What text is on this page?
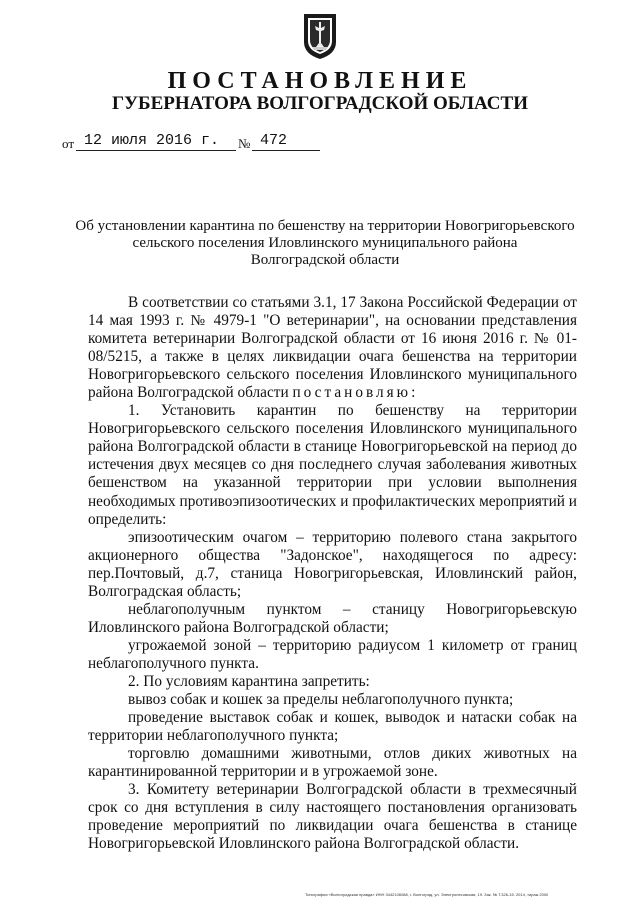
ПОСТАНОВЛЕНИЕ
ГУБЕРНАТОРА ВОЛГОГРАДСКОЙ ОБЛАСТИ
от 12 июля 2016 г.	№ 472
Об установлении карантина по бешенству на территории Новогригорьевского
сельского поселения Иловлинского муниципального района
Волгоградской области

В соответствии со статьями 3.1, 17 Закона Российской Федерации от 14 мая 1993 г. № 4979-1 "О ветеринарии", на основании представления комитета ветеринарии Волгоградской области от 16 июня 2016 г. № 01-08/5215, а также в целях ликвидации очага бешенства на территории Новогригорьевского сельского поселения Иловлинского муниципального района Волгоградской области постановляю:

1. Установить карантин по бешенству на территории Новогригорьевского сельского поселения Иловлинского муниципального района Волгоградской области в станице Новогригорьевской на период до истечения двух месяцев со дня последнего случая заболевания животных бешенством на указанной территории при условии выполнения необходимых противоэпизоотических и профилактических мероприятий и определить:

эпизоотическим очагом – территорию полевого стана закрытого акционерного общества "Задонское", находящегося по адресу: пер.Почтовый, д.7, станица Новогригорьевская, Иловлинский район, Волгоградская область;

неблагополучным пунктом – станицу Новогригорьевскую Иловлинского района Волгоградской области;

угрожаемой зоной – территорию радиусом 1 километр от границ неблагополучного пункта.

2. По условиям карантина запретить:

вывоз собак и кошек за пределы неблагополучного пункта;

проведение выставок собак и кошек, выводок и натаски собак на территории неблагополучного пункта;

торговлю домашними животными, отлов диких животных на карантинированной территории и в угрожаемой зоне.

3. Комитету ветеринарии Волгоградской области в трехмесячный срок со дня вступления в силу настоящего постановления организовать проведение мероприятий по ликвидации очага бешенства в станице Новогригорьевской Иловлинского района Волгоградской области.

Типография «Волгоградская правда» ИНН 3442106088, г. Волгоград, ул. Электролесовская, 19. Зак. № Т.326-15. 2014, тираж 2000
